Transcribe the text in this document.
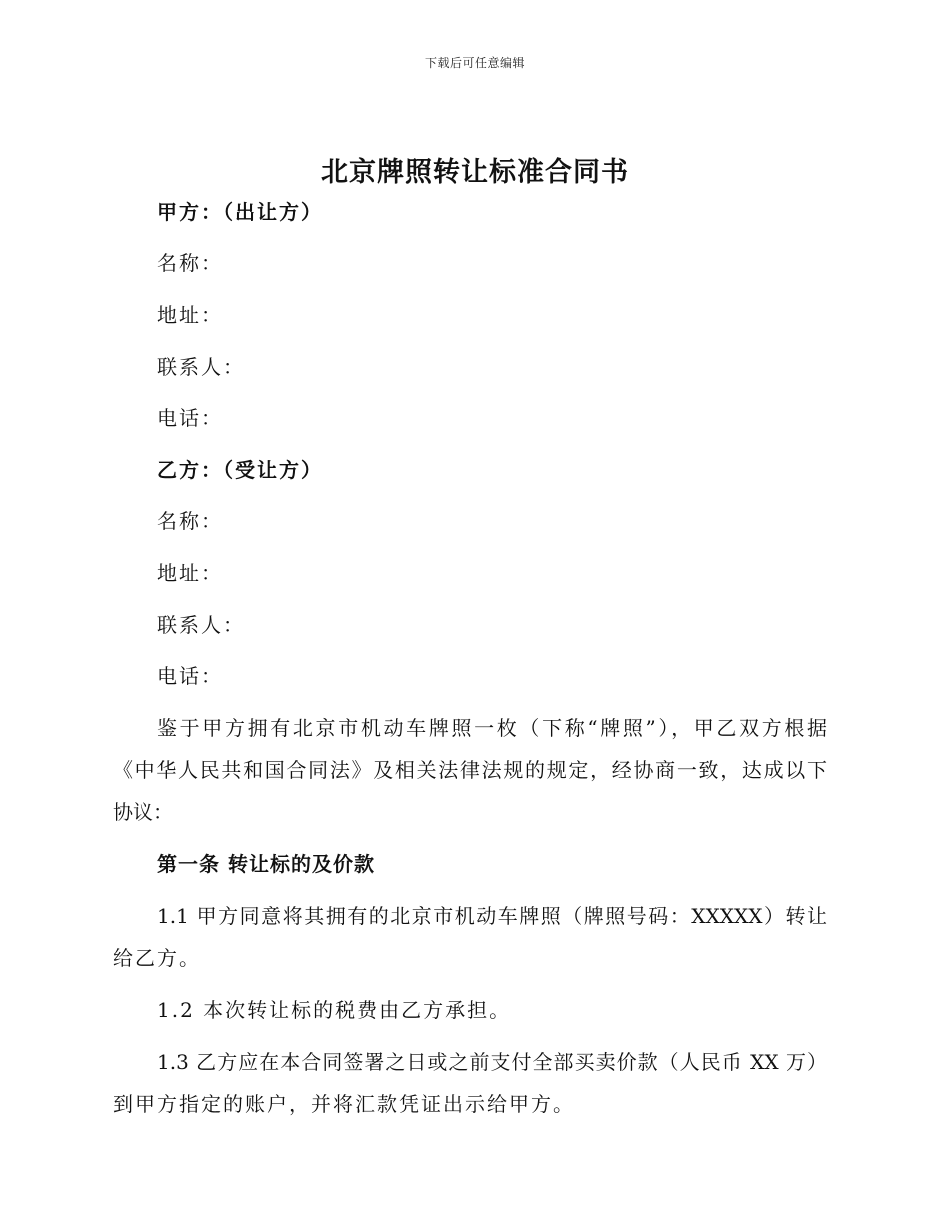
下载后可任意编辑
北京牌照转让标准合同书
甲方：（出让方）
名称：
地址：
联系人：
电话：
乙方：（受让方）
名称：
地址：
联系人：
电话：
鉴于甲方拥有北京市机动车牌照一枚（下称“牌照”），甲乙双方根据
《中华人民共和国合同法》及相关法律法规的规定，经协商一致，达成以下
协议：
第一条 转让标的及价款
1.1 甲方同意将其拥有的北京市机动车牌照（牌照号码：XXXXX）转让
给乙方。
1.2 本次转让标的税费由乙方承担。
1.3 乙方应在本合同签署之日或之前支付全部买卖价款（人民币 XX 万）
到甲方指定的账户，并将汇款凭证出示给甲方。
